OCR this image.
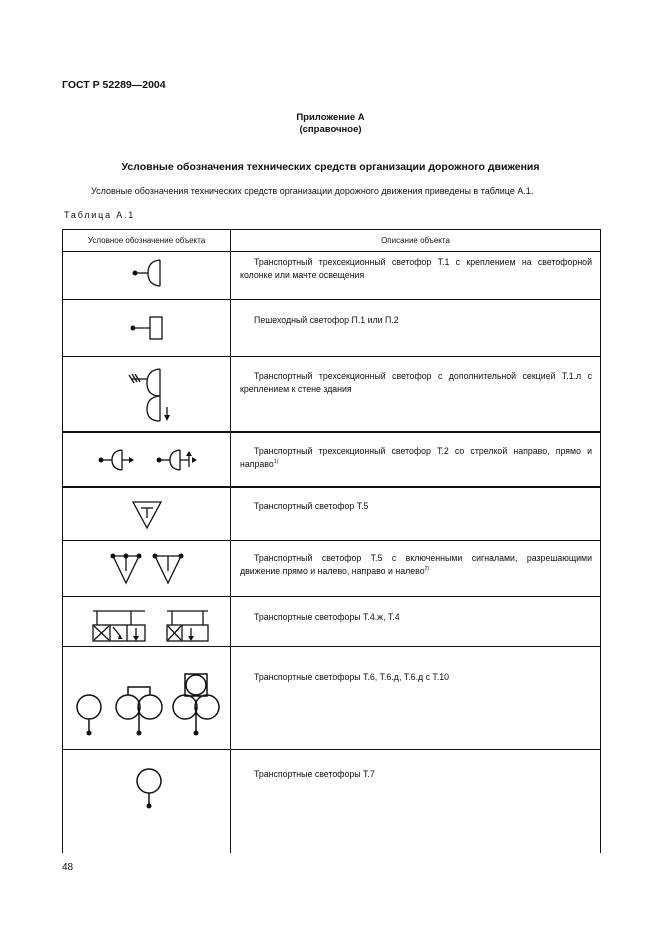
ГОСТ Р 52289—2004
Приложение А
(справочное)
Условные обозначения технических средств организации дорожного движения
Условные обозначения технических средств организации дорожного движения приведены в таблице А.1.
Таблица А.1
Условное обозначение объекта	Описание объекта
Транспортный трехсекционный светофор Т.1 с креплением на светофорной колонке или мачте освещения
Пешеходный светофор П.1 или П.2
Транспортный трехсекционный светофор с дополнительной секцией Т.1.л с креплением к стене здания
Транспортный трехсекционный светофор Т.2 со стрелкой направо, прямо и направо$^{1)}$
Транспортный светофор Т.5
Транспортный светофор Т.5 с включенными сигналами, разрешающими движение прямо и налево, направо и налево$^{2)}$
Транспортные светофоры Т.4.ж, Т.4
Транспортные светофоры Т.6, Т.6.д, Т.6.д с Т.10
Транспортные светофоры Т.7
48
